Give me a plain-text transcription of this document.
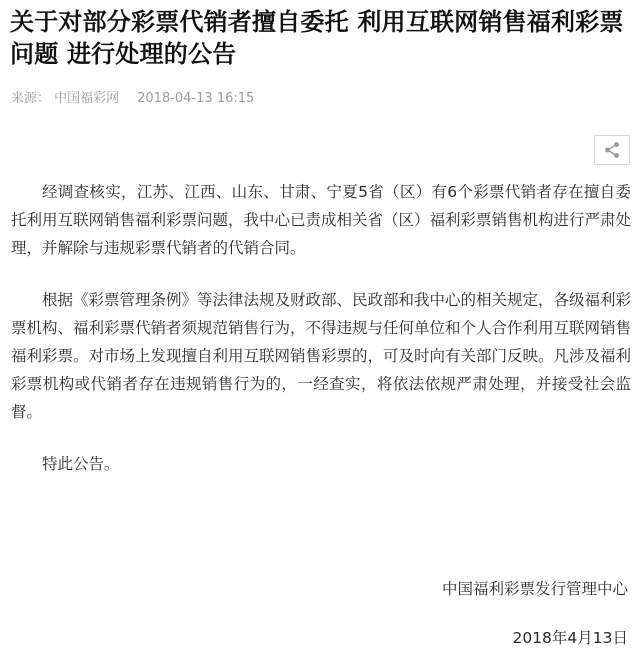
关于对部分彩票代销者擅自委托 利用互联网销售福利彩票问题 进行处理的公告
来源： 中国福彩网 2018-04-13 16:15

经调查核实，江苏、江西、山东、甘肃、宁夏5省（区）有6个彩票代销者存在擅自委托利用互联网销售福利彩票问题，我中心已责成相关省（区）福利彩票销售机构进行严肃处理，并解除与违规彩票代销者的代销合同。

根据《彩票管理条例》等法律法规及财政部、民政部和我中心的相关规定，各级福利彩票机构、福利彩票代销者须规范销售行为，不得违规与任何单位和个人合作利用互联网销售福利彩票。对市场上发现擅自利用互联网销售彩票的，可及时向有关部门反映。凡涉及福利彩票机构或代销者存在违规销售行为的，一经查实，将依法依规严肃处理，并接受社会监督。

特此公告。

中国福利彩票发行管理中心
2018年4月13日
